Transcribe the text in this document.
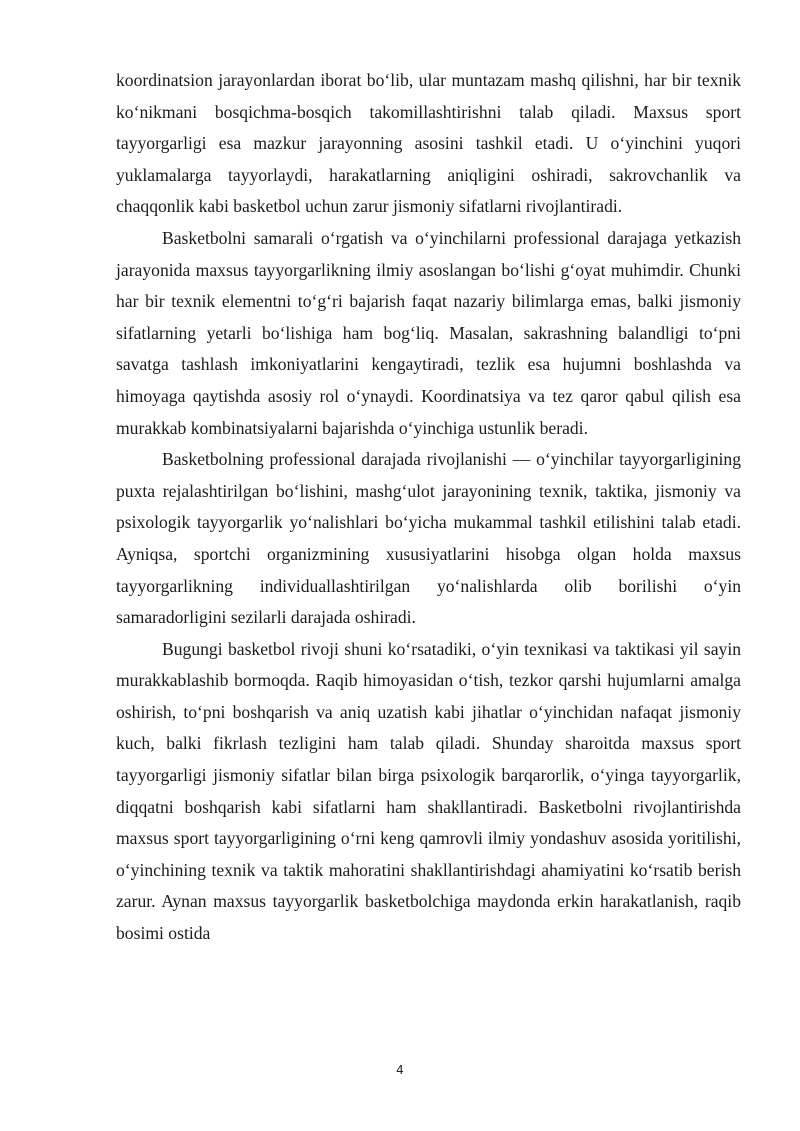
koordinatsion jarayonlardan iborat bo‘lib, ular muntazam mashq qilishni, har bir texnik ko‘nikmani bosqichma-bosqich takomillashtirishni talab qiladi. Maxsus sport tayyorgarligi esa mazkur jarayonning asosini tashkil etadi. U o‘yinchini yuqori yuklamalarga tayyorlaydi, harakatlarning aniqligini oshiradi, sakrovchanlik va chaqqonlik kabi basketbol uchun zarur jismoniy sifatlarni rivojlantiradi.

Basketbolni samarali o‘rgatish va o‘yinchilarni professional darajaga yetkazish jarayonida maxsus tayyorgarlikning ilmiy asoslangan bo‘lishi g‘oyat muhimdir. Chunki har bir texnik elementni to‘g‘ri bajarish faqat nazariy bilimlarga emas, balki jismoniy sifatlarning yetarli bo‘lishiga ham bog‘liq. Masalan, sakrashning balandligi to‘pni savatga tashlash imkoniyatlarini kengaytiradi, tezlik esa hujumni boshlashda va himoyaga qaytishda asosiy rol o‘ynaydi. Koordinatsiya va tez qaror qabul qilish esa murakkab kombinatsiyalarni bajarishda o‘yinchiga ustunlik beradi.

Basketbolning professional darajada rivojlanishi — o‘yinchilar tayyorgarligining puxta rejalashtirilgan bo‘lishini, mashg‘ulot jarayonining texnik, taktika, jismoniy va psixologik tayyorgarlik yo‘nalishlari bo‘yicha mukammal tashkil etilishini talab etadi. Ayniqsa, sportchi organizmining xususiyatlarini hisobga olgan holda maxsus tayyorgarlikning individuallashtirilgan yo‘nalishlarda olib borilishi o‘yin samaradorligini sezilarli darajada oshiradi.

Bugungi basketbol rivoji shuni ko‘rsatadiki, o‘yin texnikasi va taktikasi yil sayin murakkablashib bormoqda. Raqib himoyasidan o‘tish, tezkor qarshi hujumlarni amalga oshirish, to‘pni boshqarish va aniq uzatish kabi jihatlar o‘yinchidan nafaqat jismoniy kuch, balki fikrlash tezligini ham talab qiladi. Shunday sharoitda maxsus sport tayyorgarligi jismoniy sifatlar bilan birga psixologik barqarorlik, o‘yinga tayyorgarlik, diqqatni boshqarish kabi sifatlarni ham shakllantiradi. Basketbolni rivojlantirishda maxsus sport tayyorgarligining o‘rni keng qamrovli ilmiy yondashuv asosida yoritilishi, o‘yinchining texnik va taktik mahoratini shakllantirishdagi ahamiyatini ko‘rsatib berish zarur. Aynan maxsus tayyorgarlik basketbolchiga maydonda erkin harakatlanish, raqib bosimi ostida

4
